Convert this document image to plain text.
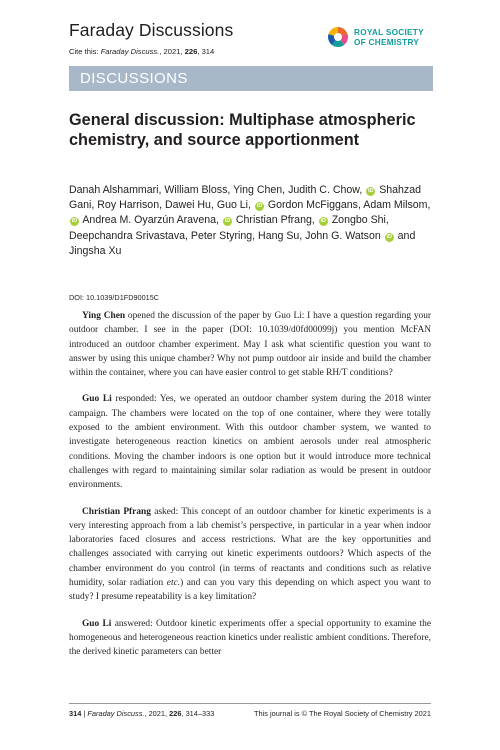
Faraday Discussions
Cite this: Faraday Discuss., 2021, 226, 314
ROYAL SOCIETY
OF CHEMISTRY
DISCUSSIONS
General discussion: Multiphase atmospheric chemistry, and source apportionment
Danah Alshammari, William Bloss, Ying Chen, Judith C. Chow, iD Shahzad Gani, Roy Harrison, Dawei Hu, Guo Li, iD Gordon McFiggans, Adam Milsom, iD Andrea M. Oyarzún Aravena, iD Christian Pfrang, iD Zongbo Shi, Deepchandra Srivastava, Peter Styring, Hang Su, John G. Watson iD and Jingsha Xu
DOI: 10.1039/D1FD90015C

Ying Chen opened the discussion of the paper by Guo Li: I have a question regarding your outdoor chamber. I see in the paper (DOI: 10.1039/d0fd00099j) you mention McFAN introduced an outdoor chamber experiment. May I ask what scientific question you want to answer by using this unique chamber? Why not pump outdoor air inside and build the chamber within the container, where you can have easier control to get stable RH/T conditions?

Guo Li responded: Yes, we operated an outdoor chamber system during the 2018 winter campaign. The chambers were located on the top of one container, where they were totally exposed to the ambient environment. With this outdoor chamber system, we wanted to investigate heterogeneous reaction kinetics on ambient aerosols under real atmospheric conditions. Moving the chamber indoors is one option but it would introduce more technical challenges with regard to maintaining similar solar radiation as would be present in outdoor environments.

Christian Pfrang asked: This concept of an outdoor chamber for kinetic experiments is a very interesting approach from a lab chemist’s perspective, in particular in a year when indoor laboratories faced closures and access restrictions. What are the key opportunities and challenges associated with carrying out kinetic experiments outdoors? Which aspects of the chamber environment do you control (in terms of reactants and conditions such as relative humidity, solar radiation etc.) and can you vary this depending on which aspect you want to study? I presume repeatability is a key limitation?

Guo Li answered: Outdoor kinetic experiments offer a special opportunity to examine the homogeneous and heterogeneous reaction kinetics under realistic ambient conditions. Therefore, the derived kinetic parameters can better

314 | Faraday Discuss., 2021, 226, 314–333	This journal is © The Royal Society of Chemistry 2021
